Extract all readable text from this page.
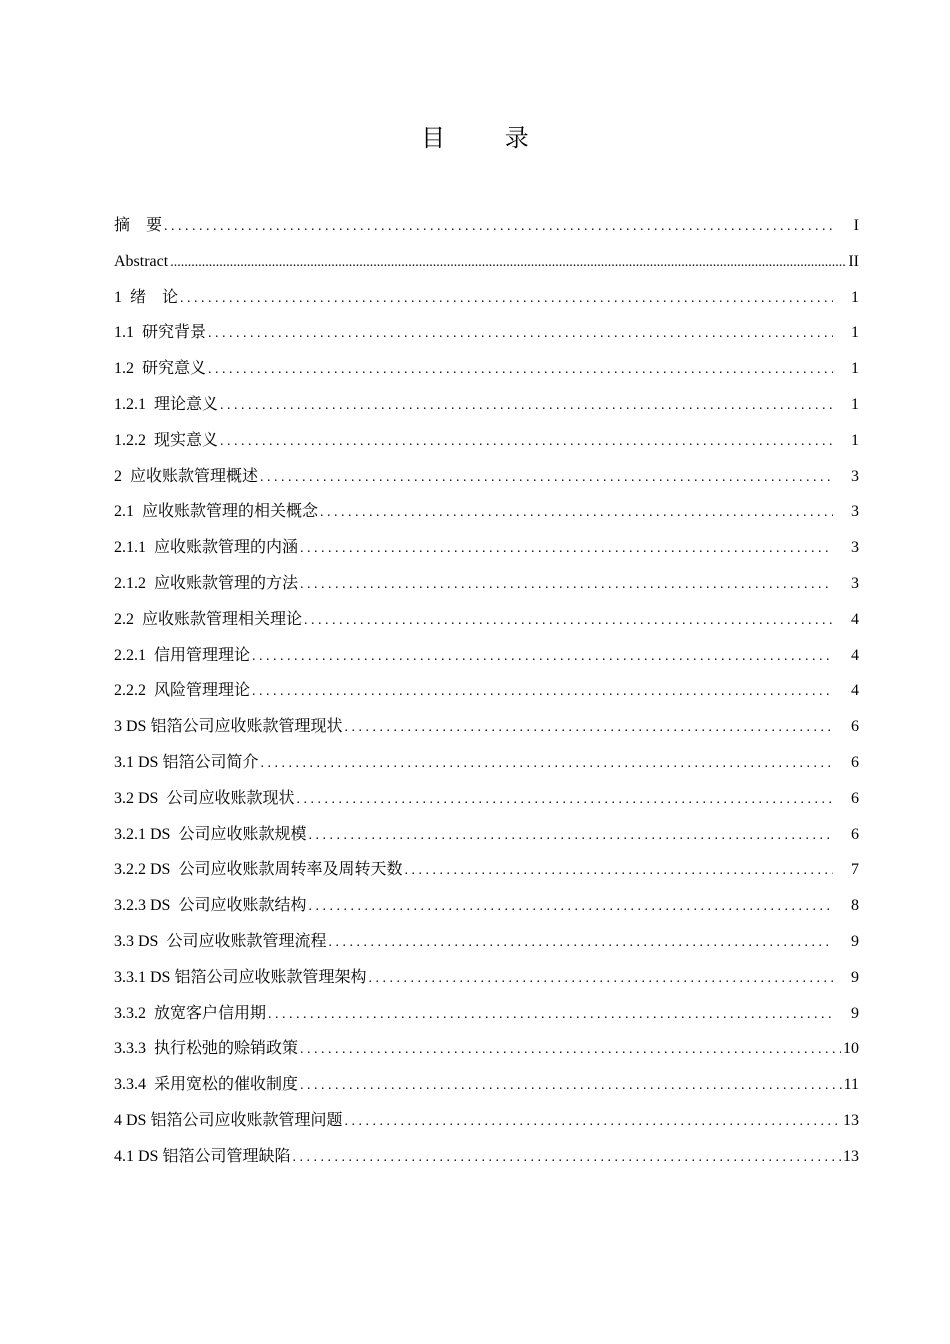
目 录
摘    要 . . .	I
Abstract .....	II
1  绪    论 . . .	1
1.1  研究背景 . . .	1
1.2  研究意义 . . .	1
1.2.1  理论意义 . . .	1
1.2.2  现实意义 . . .	1
2  应收账款管理概述 . . .	3
2.1  应收账款管理的相关概念 . . .	3
2.1.1  应收账款管理的内涵 . . .	3
2.1.2  应收账款管理的方法 . . .	3
2.2  应收账款管理相关理论 . . .	4
2.2.1  信用管理理论 . . .	4
2.2.2  风险管理理论 . . .	4
3 DS 铝箔公司应收账款管理现状 . . .	6
3.1 DS 铝箔公司简介 . . .	6
3.2 DS  公司应收账款现状 . . .	6
3.2.1 DS  公司应收账款规模 . . .	6
3.2.2 DS  公司应收账款周转率及周转天数 . . .	7
3.2.3 DS  公司应收账款结构 . . .	8
3.3 DS  公司应收账款管理流程 . . .	9
3.3.1 DS 铝箔公司应收账款管理架构 . . .	9
3.3.2  放宽客户信用期 . . .	9
3.3.3  执行松弛的赊销政策 . . .	10
3.3.4  采用宽松的催收制度 . . .	11
4 DS 铝箔公司应收账款管理问题 . . .	13
4.1 DS 铝箔公司管理缺陷 . . .	13
